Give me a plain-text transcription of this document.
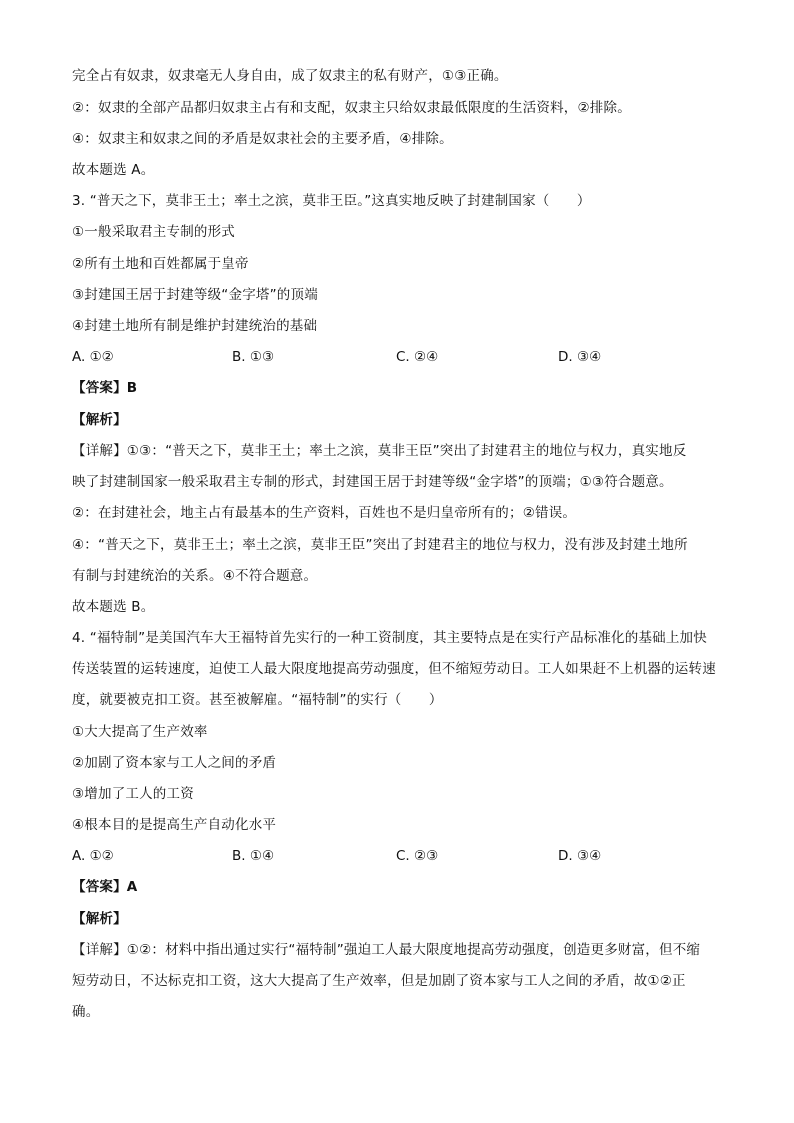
完全占有奴隶，奴隶毫无人身自由，成了奴隶主的私有财产，①③正确。
②：奴隶的全部产品都归奴隶主占有和支配，奴隶主只给奴隶最低限度的生活资料，②排除。
④：奴隶主和奴隶之间的矛盾是奴隶社会的主要矛盾，④排除。
故本题选 A。
3. “普天之下，莫非王土；率土之滨，莫非王臣。”这真实地反映了封建制国家（　　）
①一般采取君主专制的形式
②所有土地和百姓都属于皇帝
③封建国王居于封建等级“金字塔”的顶端
④封建土地所有制是维护封建统治的基础
A. ①②	B. ①③	C. ②④	D. ③④
【答案】B
【解析】
【详解】①③：“普天之下，莫非王土；率土之滨，莫非王臣”突出了封建君主的地位与权力，真实地反
映了封建制国家一般采取君主专制的形式，封建国王居于封建等级“金字塔”的顶端；①③符合题意。
②：在封建社会，地主占有最基本的生产资料，百姓也不是归皇帝所有的；②错误。
④：“普天之下，莫非王土；率土之滨，莫非王臣”突出了封建君主的地位与权力，没有涉及封建土地所
有制与封建统治的关系。④不符合题意。
故本题选 B。
4. “福特制”是美国汽车大王福特首先实行的一种工资制度，其主要特点是在实行产品标准化的基础上加快
传送装置的运转速度，迫使工人最大限度地提高劳动强度，但不缩短劳动日。工人如果赶不上机器的运转速
度，就要被克扣工资。甚至被解雇。“福特制”的实行（　　）
①大大提高了生产效率
②加剧了资本家与工人之间的矛盾
③增加了工人的工资
④根本目的是提高生产自动化水平
A. ①②	B. ①④	C. ②③	D. ③④
【答案】A
【解析】
【详解】①②：材料中指出通过实行“福特制”强迫工人最大限度地提高劳动强度，创造更多财富，但不缩
短劳动日，不达标克扣工资，这大大提高了生产效率，但是加剧了资本家与工人之间的矛盾，故①②正
确。
